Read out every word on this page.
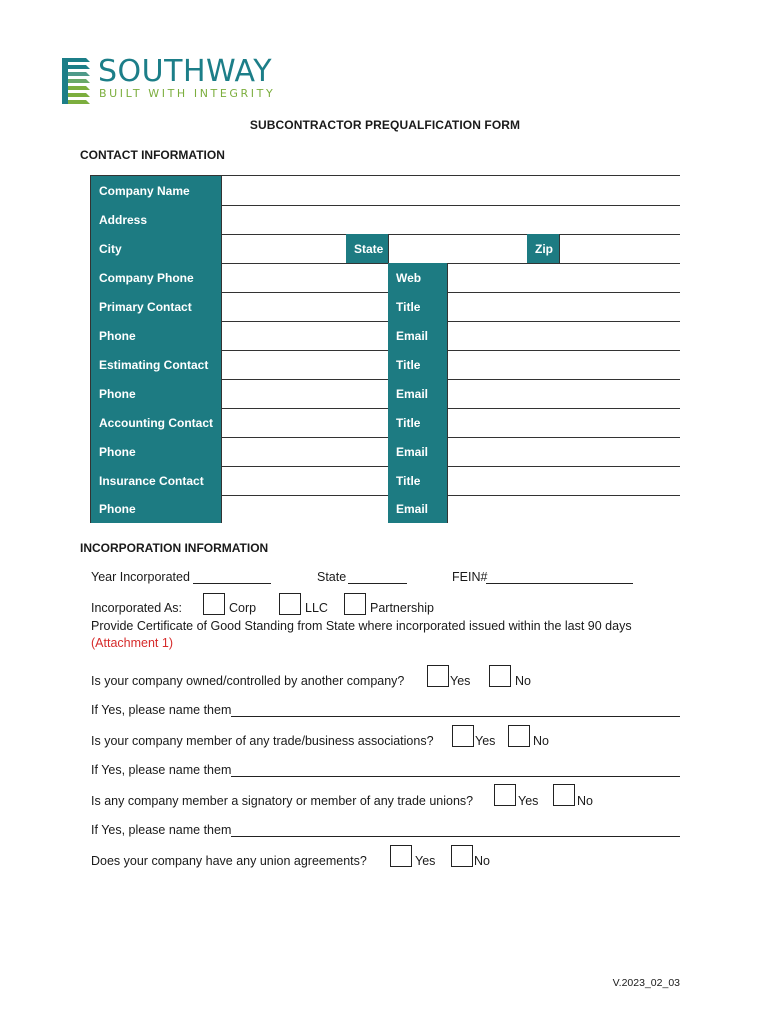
SOUTHWAY
BUILT WITH INTEGRITY
SUBCONTRACTOR PREQUALFICATION FORM
CONTACT INFORMATION
Company Name
Address
City	State	Zip
Company Phone	Web
Primary Contact	Title
Phone	Email
Estimating Contact	Title
Phone	Email
Accounting Contact	Title
Phone	Email
Insurance Contact	Title
Phone	Email
INCORPORATION INFORMATION
Year Incorporated	State	FEIN#
Incorporated As:	Corp	LLC	Partnership
Provide Certificate of Good Standing from State where incorporated issued within the last 90 days
(Attachment 1)
Is your company owned/controlled by another company?	Yes	No
If Yes, please name them
Is your company member of any trade/business associations?	Yes	No
If Yes, please name them
Is any company member a signatory or member of any trade unions?	Yes	No
If Yes, please name them
Does your company have any union agreements?	Yes	No
V.2023_02_03
